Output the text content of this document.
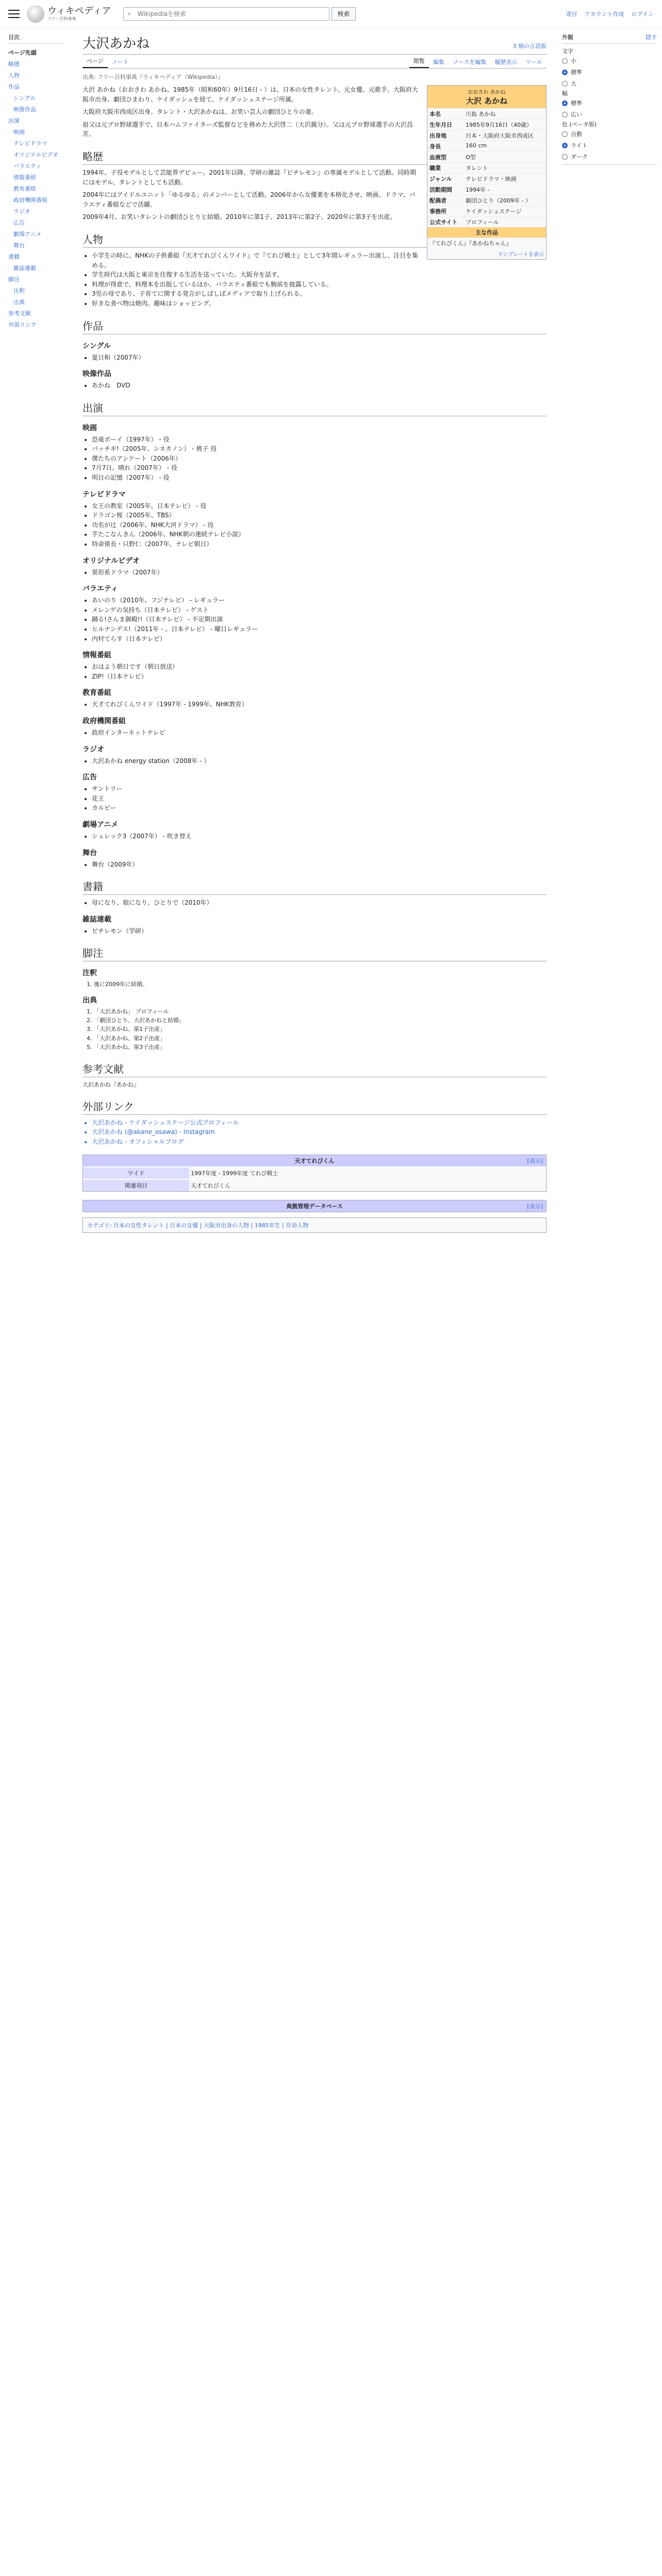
ウィキペディア
フリー百科事典
⌕
Wikipediaを検索	検索	寄付 アカウント作成 ログイン
目次
ページ先頭
略歴
人物
作品
シングル
映像作品
出演
映画
テレビドラマ
オリジナルビデオ
バラエティ
情報番組
教育番組
政府機関番組
ラジオ
広告
劇場アニメ
舞台
書籍
雑誌連載
脚注
注釈
出典
参考文献
外部リンク
大沢あかね	3 個の言語版
ページ	ノート	閲覧	編集	ソースを編集	履歴表示	ツール
出典: フリー百科事典『ウィキペディア（Wikipedia）』
おおさわ あかね
大沢 あかね
本名	川島 あかね
生年月日	1985年9月16日（40歳）
出身地	日本・大阪府大阪市西成区
身長	160 cm
血液型	O型
職業	タレント
ジャンル	テレビドラマ・映画
活動期間	1994年 -
配偶者	劇団ひとり（2009年 - ）
事務所	ケイダッシュステージ
公式サイト	プロフィール
主な作品
『てれびくん』『あかねちゃん』
テンプレートを表示

大沢 あかね（おおさわ あかね、1985年（昭和60年）9月16日 - ）は、日本の女性タレント、元女優、元歌手。大阪府大阪市出身。劇団ひまわり、ケイダッシュを経て、ケイダッシュステージ所属。

大阪府大阪市西成区出身。タレント・大沢あかねは、お笑い芸人の劇団ひとりの妻。

祖父は元プロ野球選手で、日本ハムファイターズ監督などを務めた大沢啓二（大沢親分）。父は元プロ野球選手の大沢昌芳。

略歴

1994年、子役モデルとして芸能界デビュー。2001年以降、学研の雑誌『ピチレモン』の専属モデルとして活動。同時期にはモデル、タレントとしても活動。

2004年にはアイドルユニット「ゆるゆる」のメンバーとして活動。2006年から女優業を本格化させ、映画、ドラマ、バラエティ番組などで活躍。

2009年4月、お笑いタレントの劇団ひとりと結婚。2010年に第1子、2013年に第2子、2020年に第3子を出産。

人物
• 小学生の時に、NHKの子供番組『天才てれびくんワイド』で『てれび戦士』として3年間レギュラー出演し、注目を集める。
• 学生時代は大阪と東京を往復する生活を送っていた。大阪弁を話す。
• 料理が得意で、料理本を出版しているほか、バラエティ番組でも腕前を披露している。
• 3児の母であり、子育てに関する発言がしばしばメディアで取り上げられる。
• 好きな食べ物は焼肉。趣味はショッピング。
作品
シングル
• 夏日和（2007年）
映像作品
• あかね　DVD
出演
映画
• 恐竜ボーイ（1997年） - 役
• パッチギ!（2005年、シネカノン） - 桃子 役
• 僕たちのアンケート（2006年）
• 7月7日、晴れ（2007年） - 役
• 明日の記憶（2007年） - 役
テレビドラマ
• 女王の教室（2005年、日本テレビ） - 役
• ドラゴン桜（2005年、TBS）
• 功名が辻（2006年、NHK大河ドラマ） - 役
• 芋たこなんきん（2006年、NHK朝の連続テレビ小説）
• 特命係長・只野仁（2007年、テレビ朝日）
オリジナルビデオ
• 異形系ドラマ（2007年）
バラエティ
• あいのり（2010年、フジテレビ） - レギュラー
• メレンゲの気持ち（日本テレビ） - ゲスト
• 踊る!さんま御殿!!（日本テレビ） - 不定期出演
• ヒルナンデス!（2011年 - 、日本テレビ） - 曜日レギュラー
• 内村てらす（日本テレビ）
情報番組
• おはよう朝日です（朝日放送）
• ZIP!（日本テレビ）
教育番組
• 天才てれびくんワイド（1997年 - 1999年、NHK教育）
政府機関番組
• 政府インターネットテレビ
ラジオ
• 大沢あかね energy station（2008年 - ）
広告
• サントリー
• 花王
• カルビー
劇場アニメ
• シュレック3（2007年） - 吹き替え
舞台
• 舞台（2009年）
書籍
• 母になり、娘になり、ひとりで（2010年）
雑誌連載
• ピチレモン（学研）
脚注
注釈
1. 後に2009年に結婚。
出典
1. 「大沢あかね」 プロフィール
2. 「劇団ひとり、大沢あかねと結婚」
3. 「大沢あかね、第1子出産」
4. 「大沢あかね、第2子出産」
5. 「大沢あかね、第3子出産」
参考文献

大沢あかね『あかね』

外部リンク
• 大沢あかね - ケイダッシュステージ公式プロフィール
• 大沢あかね (@akane_osawa) - Instagram
• 大沢あかね - オフィシャルブログ
天才てれびくん	[表示]
ワイド	1997年度 - 1999年度 てれび戦士
関連項目	天才てれびくん
典拠管理データベース	[表示]
カテゴリ: 日本の女性タレント | 日本の女優 | 大阪市出身の人物 | 1985年生 | 存命人物
外観	隠す
文字
小
標準
大
幅
標準
広い
色 (ベータ版)
自動
ライト
ダーク
